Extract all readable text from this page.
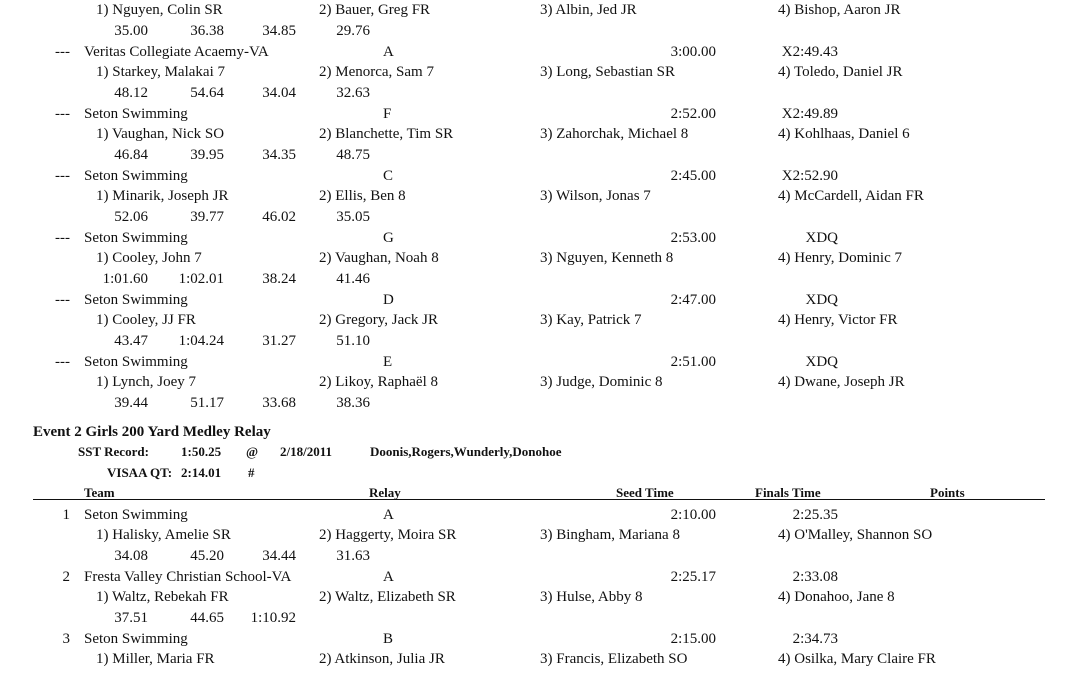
1) Nguyen, Colin SR	2) Bauer, Greg FR	3) Albin, Jed JR	4) Bishop, Aaron JR
35.00	36.38	34.85	29.76
--- Veritas Collegiate Acaemy-VA	A	3:00.00	X2:49.43
1) Starkey, Malakai 7	2) Menorca, Sam 7	3) Long, Sebastian SR	4) Toledo, Daniel JR
48.12	54.64	34.04	32.63
--- Seton Swimming	F	2:52.00	X2:49.89
1) Vaughan, Nick SO	2) Blanchette, Tim SR	3) Zahorchak, Michael 8	4) Kohlhaas, Daniel 6
46.84	39.95	34.35	48.75
--- Seton Swimming	C	2:45.00	X2:52.90
1) Minarik, Joseph JR	2) Ellis, Ben 8	3) Wilson, Jonas 7	4) McCardell, Aidan FR
52.06	39.77	46.02	35.05
--- Seton Swimming	G	2:53.00	XDQ
1) Cooley, John 7	2) Vaughan, Noah 8	3) Nguyen, Kenneth 8	4) Henry, Dominic 7
1:01.60	1:02.01	38.24	41.46
--- Seton Swimming	D	2:47.00	XDQ
1) Cooley, JJ FR	2) Gregory, Jack JR	3) Kay, Patrick 7	4) Henry, Victor FR
43.47	1:04.24	31.27	51.10
--- Seton Swimming	E	2:51.00	XDQ
1) Lynch, Joey 7	2) Likoy, Raphaël 8	3) Judge, Dominic 8	4) Dwane, Joseph JR
39.44	51.17	33.68	38.36
Event 2 Girls 200 Yard Medley Relay
SST Record: 1:50.25 @ 2/18/2011	Doonis,Rogers,Wunderly,Donohoe
VISAA QT: 2:14.01 #
Team	Relay	Seed Time	Finals Time	Points
1 Seton Swimming	A	2:10.00	2:25.35
1) Halisky, Amelie SR	2) Haggerty, Moira SR	3) Bingham, Mariana 8	4) O'Malley, Shannon SO
34.08	45.20	34.44	31.63
2 Fresta Valley Christian School-VA	A	2:25.17	2:33.08
1) Waltz, Rebekah FR	2) Waltz, Elizabeth SR	3) Hulse, Abby 8	4) Donahoo, Jane 8
37.51	44.65	1:10.92
3 Seton Swimming	B	2:15.00	2:34.73
1) Miller, Maria FR	2) Atkinson, Julia JR	3) Francis, Elizabeth SO	4) Osilka, Mary Claire FR
